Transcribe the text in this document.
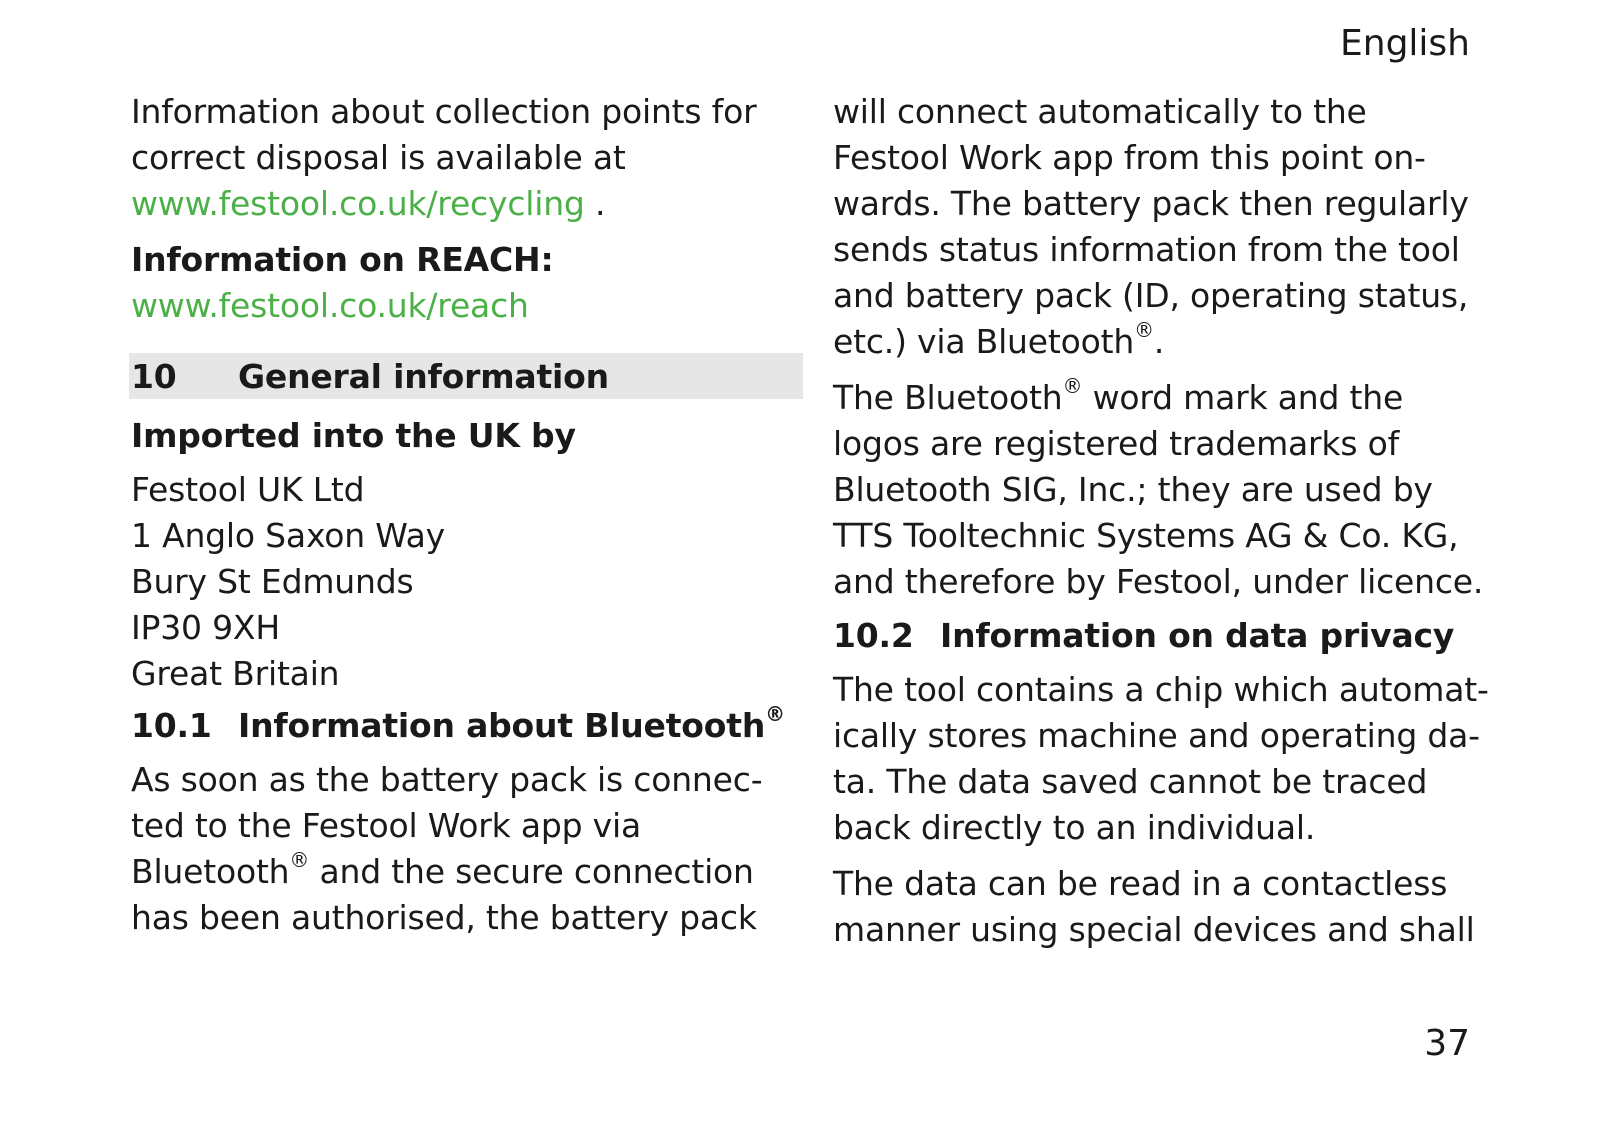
English
Information about collection points for
correct disposal is available at
www.festool.co.uk/recycling .
Information on REACH:
www.festool.co.uk/reach
10	General information
Imported into the UK by
Festool UK Ltd
1 Anglo Saxon Way
Bury St Edmunds
IP30 9XH
Great Britain
10.1 Information about Bluetooth®
As soon as the battery pack is connec-
ted to the Festool Work app via
Bluetooth® and the secure connection
has been authorised, the battery pack
will connect automatically to the
Festool Work app from this point on-
wards. The battery pack then regularly
sends status information from the tool
and battery pack (ID, operating status,
etc.) via Bluetooth®.
The Bluetooth® word mark and the
logos are registered trademarks of
Bluetooth SIG, Inc.; they are used by
TTS Tooltechnic Systems AG & Co. KG,
and therefore by Festool, under licence.
10.2 Information on data privacy
The tool contains a chip which automat-
ically stores machine and operating da-
ta. The data saved cannot be traced
back directly to an individual.
The data can be read in a contactless
manner using special devices and shall
37
